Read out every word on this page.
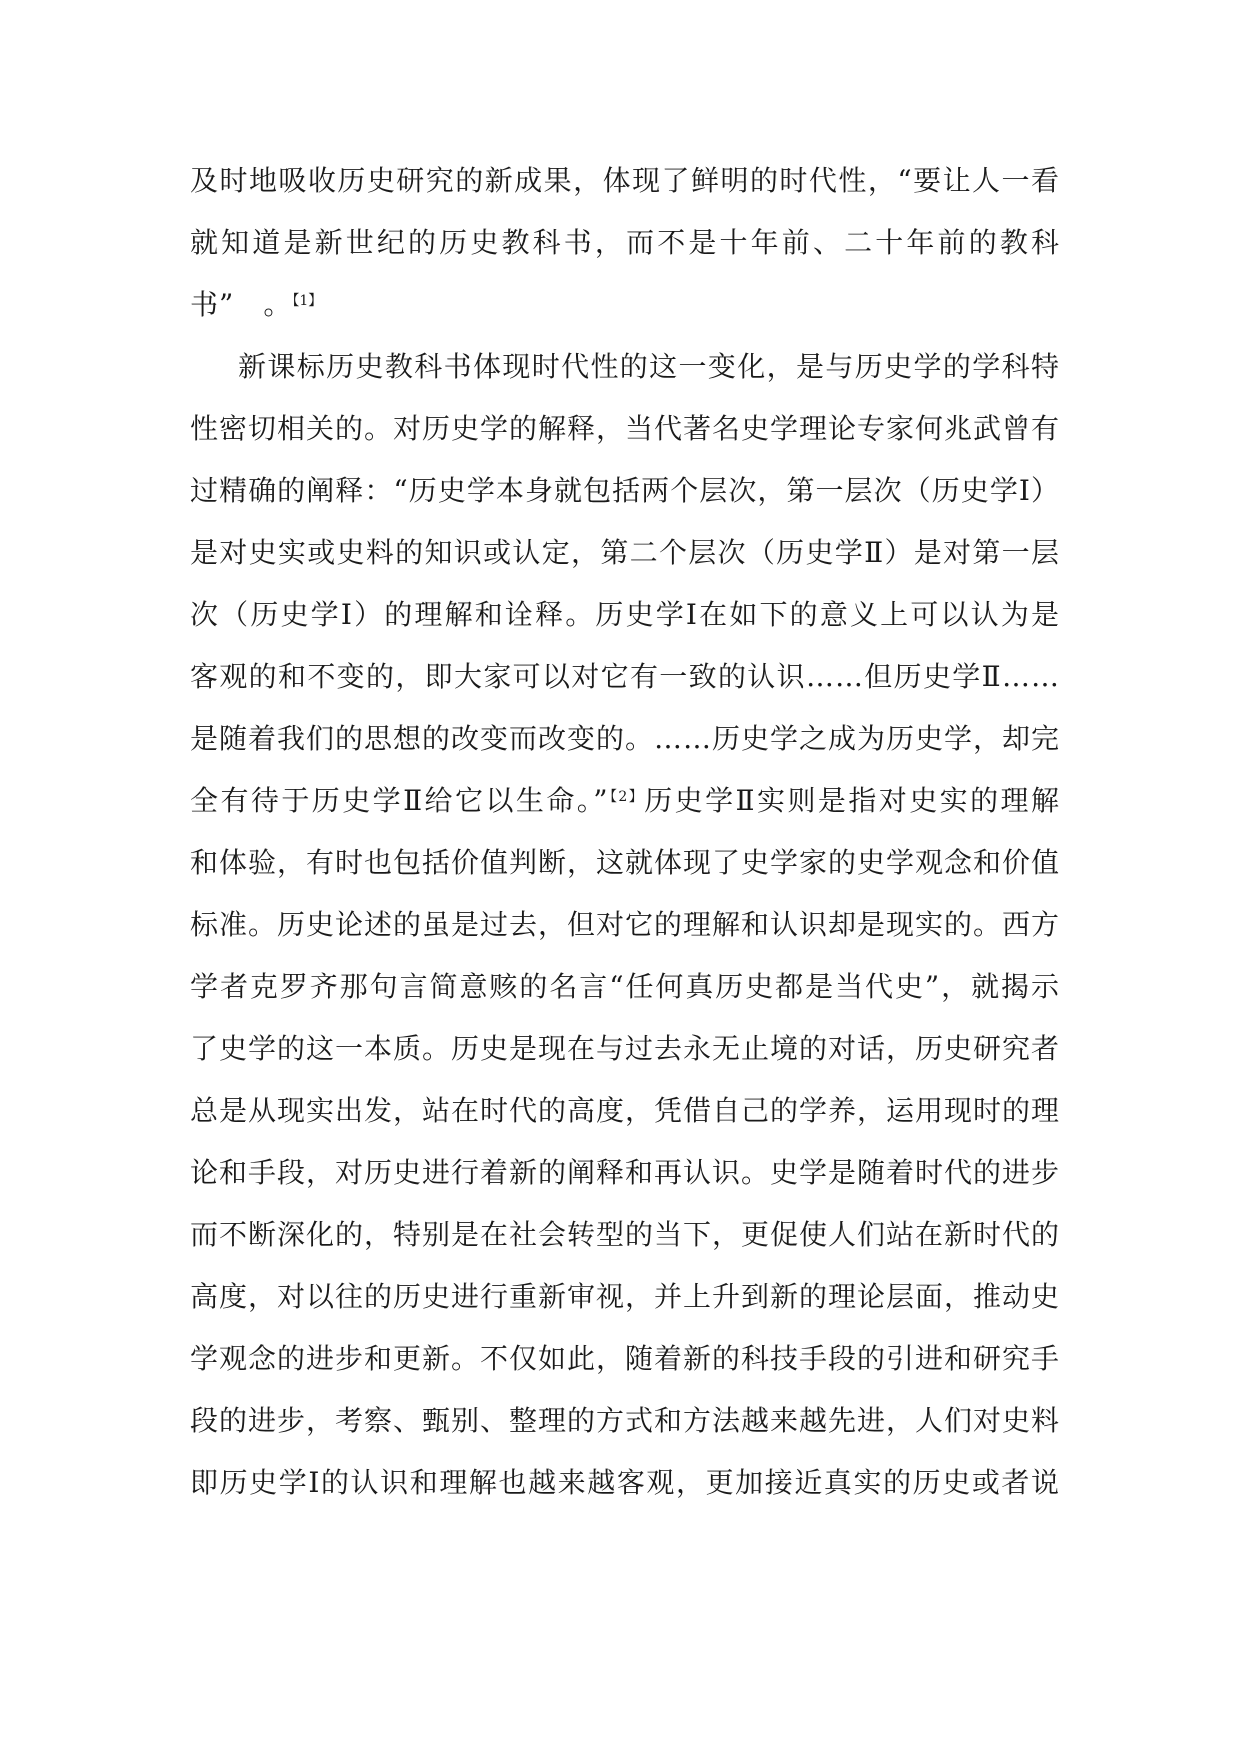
及时地吸收历史研究的新成果，体现了鲜明的时代性，“要让人一看
就知道是新世纪的历史教科书，而不是十年前、二十年前的教科
书”　。$^{【1】}$
新课标历史教科书体现时代性的这一变化，是与历史学的学科特
性密切相关的。对历史学的解释，当代著名史学理论专家何兆武曾有
过精确的阐释：“历史学本身就包括两个层次，第一层次（历史学Ⅰ）
是对史实或史料的知识或认定，第二个层次（历史学Ⅱ）是对第一层
次（历史学Ⅰ）的理解和诠释。历史学Ⅰ在如下的意义上可以认为是
客观的和不变的，即大家可以对它有一致的认识……但历史学Ⅱ……
是随着我们的思想的改变而改变的。……历史学之成为历史学，却完
全有待于历史学Ⅱ给它以生命。”$^{【2】}$历史学Ⅱ实则是指对史实的理解
和体验，有时也包括价值判断，这就体现了史学家的史学观念和价值
标准。历史论述的虽是过去，但对它的理解和认识却是现实的。西方
学者克罗齐那句言简意赅的名言“任何真历史都是当代史”，就揭示
了史学的这一本质。历史是现在与过去永无止境的对话，历史研究者
总是从现实出发，站在时代的高度，凭借自己的学养，运用现时的理
论和手段，对历史进行着新的阐释和再认识。史学是随着时代的进步
而不断深化的，特别是在社会转型的当下，更促使人们站在新时代的
高度，对以往的历史进行重新审视，并上升到新的理论层面，推动史
学观念的进步和更新。不仅如此，随着新的科技手段的引进和研究手
段的进步，考察、甄别、整理的方式和方法越来越先进，人们对史料
即历史学Ⅰ的认识和理解也越来越客观，更加接近真实的历史或者说
